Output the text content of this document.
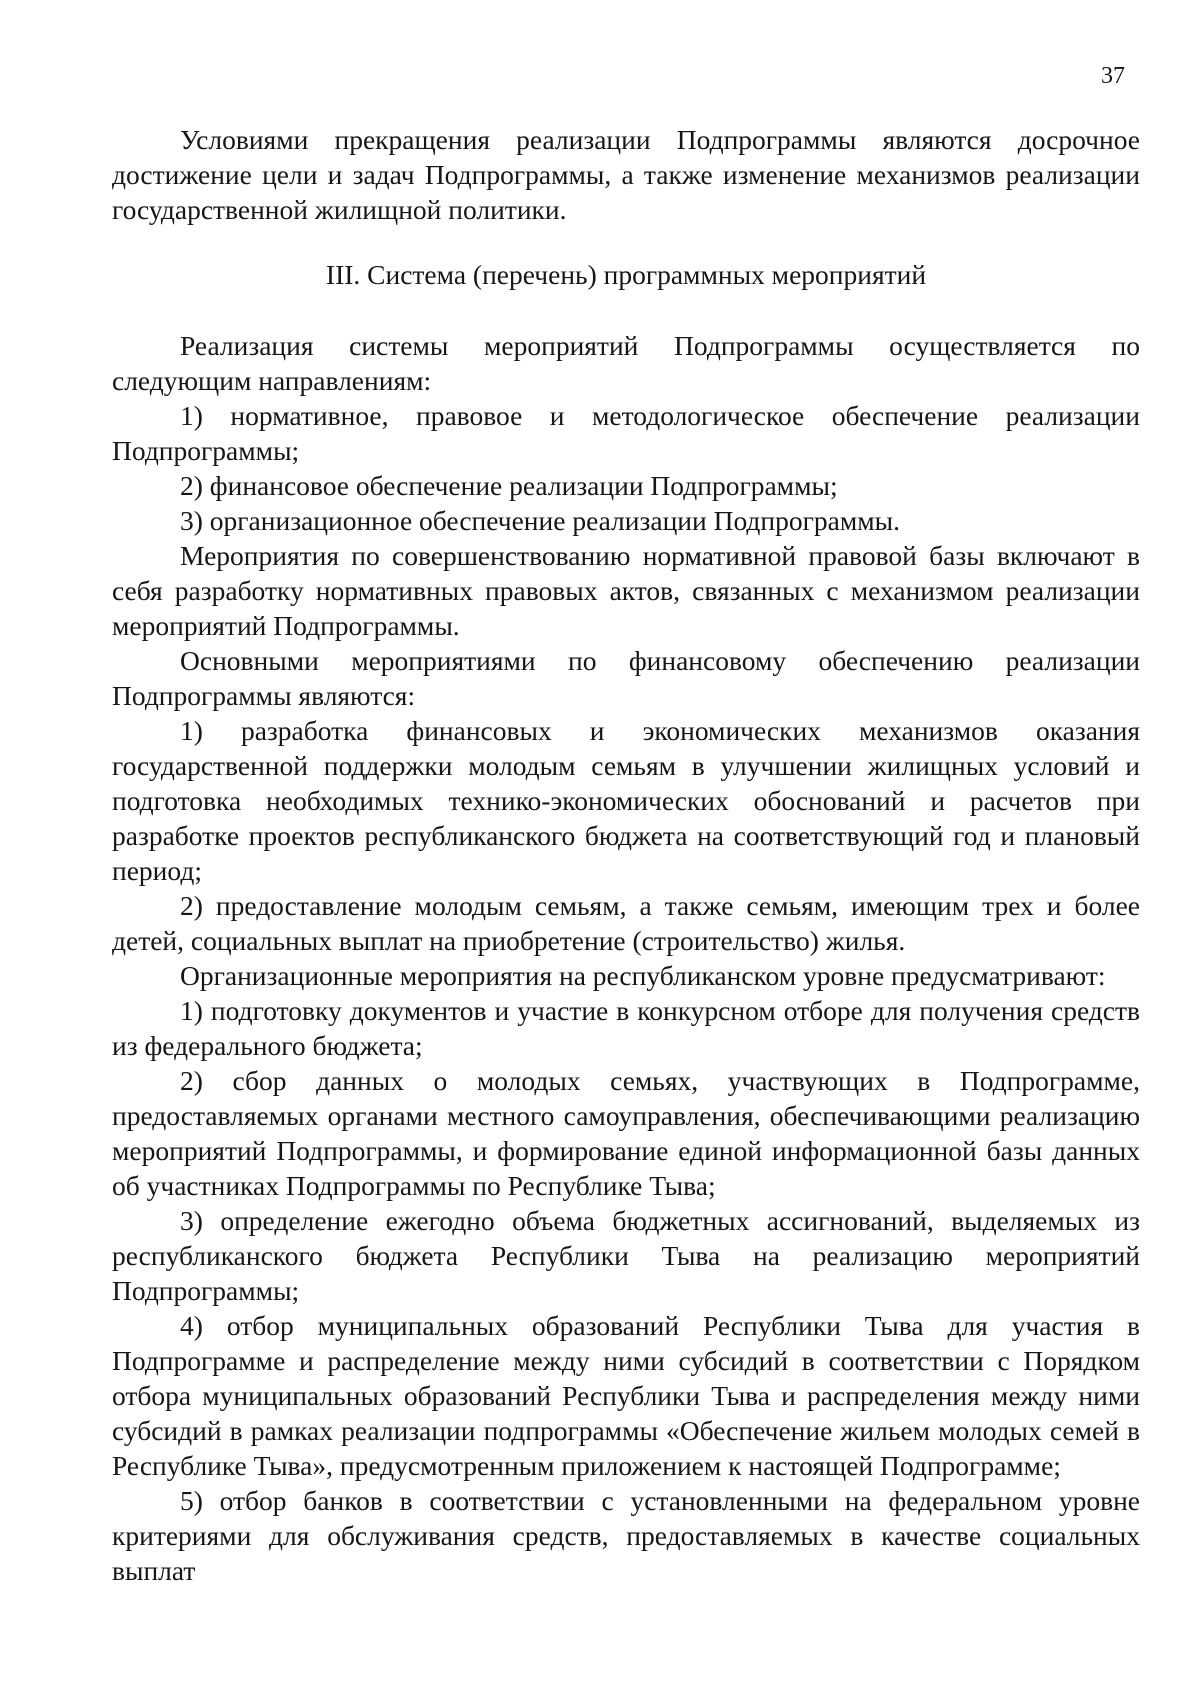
37

Условиями прекращения реализации Подпрограммы являются досрочное достижение цели и задач Подпрограммы, а также изменение механизмов реализации государственной жилищной политики.

III. Система (перечень) программных мероприятий

Реализация системы мероприятий Подпрограммы осуществляется по следующим направлениям:

1) нормативное, правовое и методологическое обеспечение реализации Подпрограммы;

2) финансовое обеспечение реализации Подпрограммы;

3) организационное обеспечение реализации Подпрограммы.

Мероприятия по совершенствованию нормативной правовой базы включают в себя разработку нормативных правовых актов, связанных с механизмом реализации мероприятий Подпрограммы.

Основными мероприятиями по финансовому обеспечению реализации Подпрограммы являются:

1) разработка финансовых и экономических механизмов оказания государственной поддержки молодым семьям в улучшении жилищных условий и подготовка необходимых технико-экономических обоснований и расчетов при разработке проектов республиканского бюджета на соответствующий год и плановый период;

2) предоставление молодым семьям, а также семьям, имеющим трех и более детей, социальных выплат на приобретение (строительство) жилья.

Организационные мероприятия на республиканском уровне предусматривают:

1) подготовку документов и участие в конкурсном отборе для получения средств из федерального бюджета;

2) сбор данных о молодых семьях, участвующих в Подпрограмме, предоставляемых органами местного самоуправления, обеспечивающими реализацию мероприятий Подпрограммы, и формирование единой информационной базы данных об участниках Подпрограммы по Республике Тыва;

3) определение ежегодно объема бюджетных ассигнований, выделяемых из республиканского бюджета Республики Тыва на реализацию мероприятий Подпрограммы;

4) отбор муниципальных образований Республики Тыва для участия в Подпрограмме и распределение между ними субсидий в соответствии с Порядком отбора муниципальных образований Республики Тыва и распределения между ними субсидий в рамках реализации подпрограммы «Обеспечение жильем молодых семей в Республике Тыва», предусмотренным приложением к настоящей Подпрограмме;

5) отбор банков в соответствии с установленными на федеральном уровне критериями для обслуживания средств, предоставляемых в качестве социальных выплат
